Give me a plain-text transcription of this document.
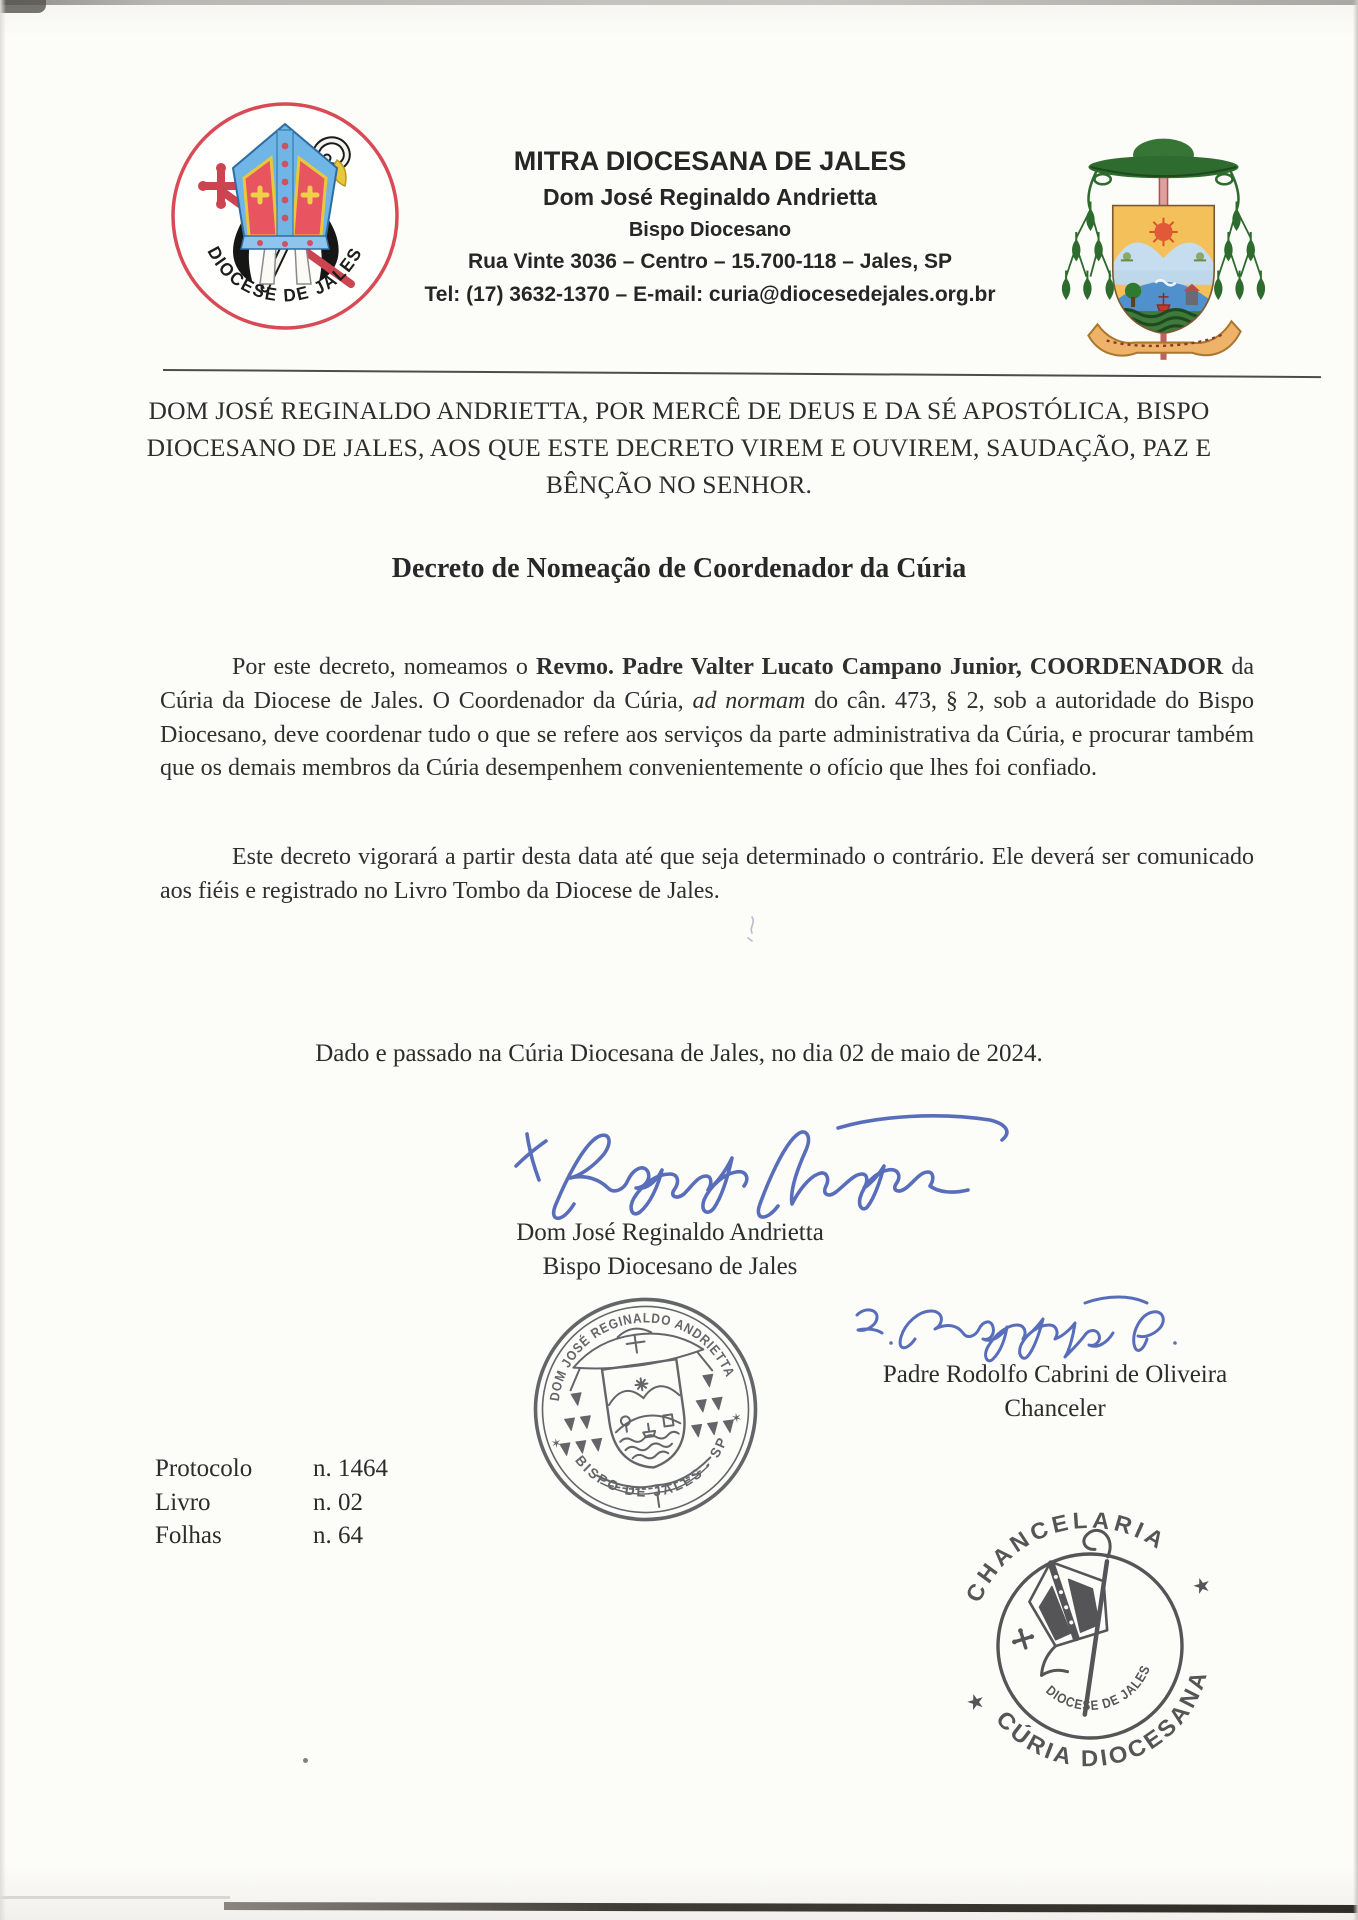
DIOCESE DE JALES
MITRA DIOCESANA DE JALES
Dom José Reginaldo Andrietta
Bispo Diocesano
Rua Vinte 3036 – Centro – 15.700-118 – Jales, SP
Tel: (17) 3632-1370 – E-mail: curia@diocesedejales.org.br
DOM JOSÉ REGINALDO ANDRIETTA, POR MERCÊ DE DEUS E DA SÉ APOSTÓLICA, BISPO DIOCESANO DE JALES, AOS QUE ESTE DECRETO VIREM E OUVIREM, SAUDAÇÃO, PAZ E BÊNÇÃO NO SENHOR.
Decreto de Nomeação de Coordenador da Cúria

Por este decreto, nomeamos o Revmo. Padre Valter Lucato Campano Junior, COORDENADOR da Cúria da Diocese de Jales. O Coordenador da Cúria, ad normam do cân. 473, § 2, sob a autoridade do Bispo Diocesano, deve coordenar tudo o que se refere aos serviços da parte administrativa da Cúria, e procurar também que os demais membros da Cúria desempenhem convenientemente o ofício que lhes foi confiado.

Este decreto vigorará a partir desta data até que seja determinado o contrário. Ele deverá ser comunicado aos fiéis e registrado no Livro Tombo da Diocese de Jales.

Dado e passado na Cúria Diocesana de Jales, no dia 02 de maio de 2024.
Dom José Reginaldo Andrietta
Bispo Diocesano de Jales
DOM JOSÉ REGINALDO ANDRIETTA
BISPO DE JALES - SP
✶
✶
Padre Rodolfo Cabrini de Oliveira
Chanceler
Protocolo	n. 1464
Livro	n. 02
Folhas	n. 64
CHANCELARIA
CÚRIA DIOCESANA
DIOCESE DE JALES
★
★
